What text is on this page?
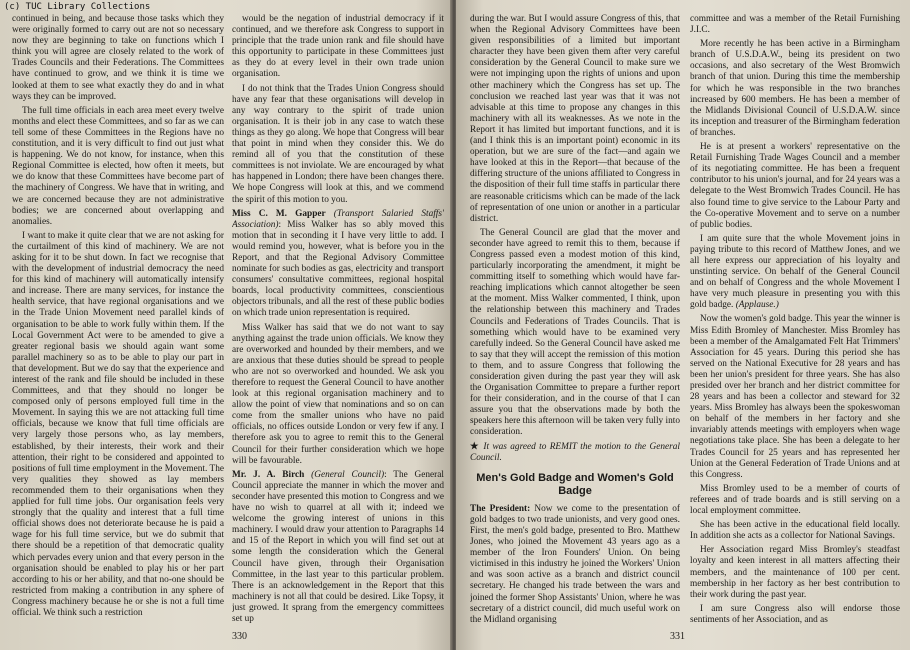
(c) TUC Library Collections

continued in being, and because those tasks which they were originally formed to carry out are not so necessary now they are beginning to take on functions which I think you will agree are closely related to the work of Trades Councils and their Federations. The Committees have continued to grow, and we think it is time we looked at them to see what exactly they do and in what ways they can be improved.

The full time officials in each area meet every twelve months and elect these Committees, and so far as we can tell some of these Committees in the Regions have no constitution, and it is very difficult to find out just what is happening. We do not know, for instance, when this Regional Committee is elected, how often it meets, but we do know that these Committees have become part of the machinery of Congress. We have that in writing, and we are concerned because they are not administrative bodies; we are concerned about overlapping and anomalies.

I want to make it quite clear that we are not asking for the curtailment of this kind of machinery. We are not asking for it to be shut down. In fact we recognise that with the development of industrial democracy the need for this kind of machinery will automatically intensify and increase. There are many services, for instance the health service, that have regional organisations and we in the Trade Union Movement need parallel kinds of organisation to be able to work fully within them. If the Local Government Act were to be amended to give a greater regional basis we should again want some parallel machinery so as to be able to play our part in that development. But we do say that the experience and interest of the rank and file should be included in these Committees, and that they should no longer be composed only of persons employed full time in the Movement. In saying this we are not attacking full time officials, because we know that full time officials are very largely those persons who, as lay members, established, by their interests, their work and their attention, their right to be considered and appointed to positions of full time employment in the Movement. The very qualities they showed as lay members recommended them to their organisations when they applied for full time jobs. Our organisation feels very strongly that the quality and interest that a full time official shows does not deteriorate because he is paid a wage for his full time service, but we do submit that there should be a repetition of that democratic quality which pervades every union and that every person in the organisation should be enabled to play his or her part according to his or her ability, and that no-one should be restricted from making a contribution in any sphere of Congress machinery because he or she is not a full time official. We think such a restriction

would be the negation of industrial democracy if it continued, and we therefore ask Congress to support in principle that the trade union rank and file should have this opportunity to participate in these Committees just as they do at every level in their own trade union organisation.

I do not think that the Trades Union Congress should have any fear that these organisations will develop in any way contrary to the spirit of trade union organisation. It is their job in any case to watch these things as they go along. We hope that Congress will bear that point in mind when they consider this. We do remind all of you that the constitution of these committees is not inviolate. We are encouraged by what has happened in London; there have been changes there. We hope Congress will look at this, and we commend the spirit of this motion to you.

Miss C. M. Gapper (Transport Salaried Staffs' Association): Miss Walker has so ably moved this motion that in seconding it I have very little to add. I would remind you, however, what is before you in the Report, and that the Regional Advisory Committee nominate for such bodies as gas, electricity and transport consumers' consultative committees, regional hospital boards, local productivity committees, conscientious objectors tribunals, and all the rest of these public bodies on which trade union representation is required.

Miss Walker has said that we do not want to say anything against the trade union officials. We know they are overworked and hounded by their members, and we are anxious that these duties should be spread to people who are not so overworked and hounded. We ask you therefore to request the General Council to have another look at this regional organisation machinery and to allow the point of view that nominations and so on can come from the smaller unions who have no paid officials, no offices outside London or very few if any. I therefore ask you to agree to remit this to the General Council for their further consideration which we hope will be favourable.

Mr. J. A. Birch (General Council): The General Council appreciate the manner in which the mover and seconder have presented this motion to Congress and we have no wish to quarrel at all with it; indeed we welcome the growing interest of unions in this machinery. I would draw your attention to Paragraphs 14 and 15 of the Report in which you will find set out at some length the consideration which the General Council have given, through their Organisation Committee, in the last year to this particular problem. There is an acknowledgement in the Report that this machinery is not all that could be desired. Like Topsy, it just growed. It sprang from the emergency committees set up

330

during the war. But I would assure Congress of this, that when the Regional Advisory Committees have been given responsibilities of a limited but important character they have been given them after very careful consideration by the General Council to make sure we were not impinging upon the rights of unions and upon other machinery which the Congress has set up. The conclusion we reached last year was that it was not advisable at this time to propose any changes in this machinery with all its weaknesses. As we note in the Report it has limited but important functions, and it is (and I think this is an important point) economic in its operation, but we are sure of the fact—and again we have looked at this in the Report—that because of the differing structure of the unions affiliated to Congress in the disposition of their full time staffs in particular there are reasonable criticisms which can be made of the lack of representation of one union or another in a particular district.

The General Council are glad that the mover and seconder have agreed to remit this to them, because if Congress passed even a modest motion of this kind, particularly incorporating the amendment, it might be committing itself to something which would have far-reaching implications which cannot altogether be seen at the moment. Miss Walker commented, I think, upon the relationship between this machinery and Trades Councils and Federations of Trades Councils. That is something which would have to be examined very carefully indeed. So the General Council have asked me to say that they will accept the remission of this motion to them, and to assure Congress that following the consideration given during the past year they will ask the Organisation Committee to prepare a further report for their consideration, and in the course of that I can assure you that the observations made by both the speakers here this afternoon will be taken very fully into consideration.

★ It was agreed to REMIT the motion to the General Council.

Men's Gold Badge and Women's Gold Badge

The President: Now we come to the presentation of gold badges to two trade unionists, and very good ones. First, the men's gold badge, presented to Bro. Matthew Jones, who joined the Movement 43 years ago as a member of the Iron Founders' Union. On being victimised in this industry he joined the Workers' Union and was soon active as a branch and district council secretary. He changed his trade between the wars and joined the former Shop Assistants' Union, where he was secretary of a district council, did much useful work on the Midland organising

committee and was a member of the Retail Furnishing J.I.C.

More recently he has been active in a Birmingham branch of U.S.D.A.W., being its president on two occasions, and also secretary of the West Bromwich branch of that union. During this time the membership for which he was responsible in the two branches increased by 600 members. He has been a member of the Midlands Divisional Council of U.S.D.A.W. since its inception and treasurer of the Birmingham federation of branches.

He is at present a workers' representative on the Retail Furnishing Trade Wages Council and a member of its negotiating committee. He has been a frequent contributor to his union's journal, and for 24 years was a delegate to the West Bromwich Trades Council. He has also found time to give service to the Labour Party and the Co-operative Movement and to serve on a number of public bodies.

I am quite sure that the whole Movement joins in paying tribute to this record of Matthew Jones, and we all here express our appreciation of his loyalty and unstinting service. On behalf of the General Council and on behalf of Congress and the whole Movement I have very much pleasure in presenting you with this gold badge. (Applause.)

Now the women's gold badge. This year the winner is Miss Edith Bromley of Manchester. Miss Bromley has been a member of the Amalgamated Felt Hat Trimmers' Association for 45 years. During this period she has served on the National Executive for 28 years and has been her union's president for three years. She has also presided over her branch and her district committee for 28 years and has been a collector and steward for 32 years. Miss Bromley has always been the spokeswoman on behalf of the members in her factory and she invariably attends meetings with employers when wage negotiations take place. She has been a delegate to her Trades Council for 25 years and has represented her Union at the General Federation of Trade Unions and at this Congress.

Miss Bromley used to be a member of courts of referees and of trade boards and is still serving on a local employment committee.

She has been active in the educational field locally. In addition she acts as a collector for National Savings.

Her Association regard Miss Bromley's steadfast loyalty and keen interest in all matters affecting their members, and the maintenance of 100 per cent. membership in her factory as her best contribution to their work during the past year.

I am sure Congress also will endorse those sentiments of her Association, and as

331
